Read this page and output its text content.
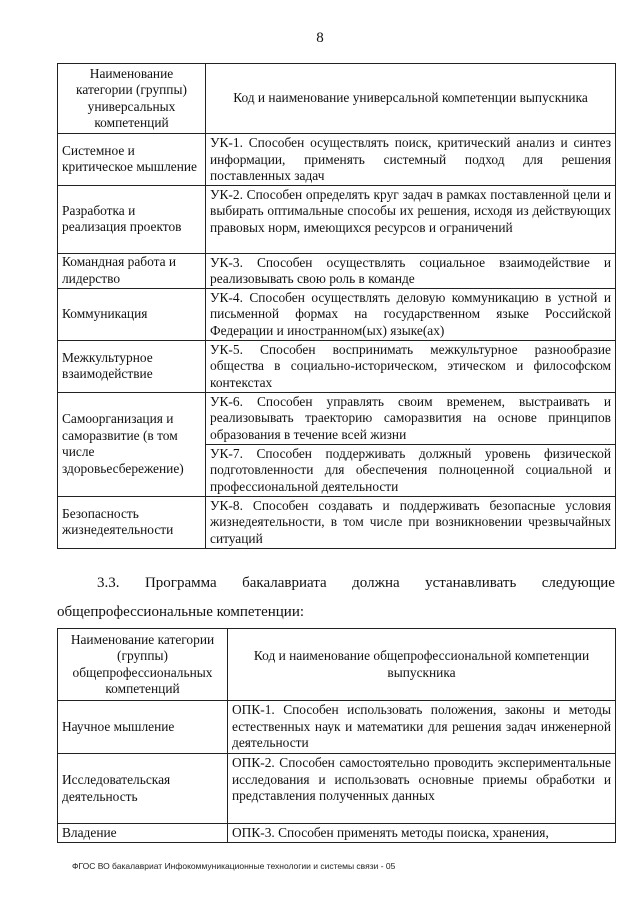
8
Наименование категории (группы) универсальных компетенций	Код и наименование универсальной компетенции выпускника
Системное и критическое мышление	УК-1. Способен осуществлять поиск, критический анализ и синтез информации, применять системный подход для решения поставленных задач
Разработка и реализация проектов	УК-2. Способен определять круг задач в рамках поставленной цели и выбирать оптимальные способы их решения, исходя из действующих правовых норм, имеющихся ресурсов и ограничений
Командная работа и лидерство	УК-3. Способен осуществлять социальное взаимодействие и реализовывать свою роль в команде
Коммуникация	УК-4. Способен осуществлять деловую коммуникацию в устной и письменной формах на государственном языке Российской Федерации и иностранном(ых) языке(ах)
Межкультурное взаимодействие	УК-5. Способен воспринимать межкультурное разнообразие общества в социально-историческом, этическом и философском контекстах
Самоорганизация и саморазвитие (в том числе здоровьесбережение)	УК-6. Способен управлять своим временем, выстраивать и реализовывать траекторию саморазвития на основе принципов образования в течение всей жизни
	УК-7. Способен поддерживать должный уровень физической подготовленности для обеспечения полноценной социальной и профессиональной деятельности
Безопасность жизнедеятельности	УК-8. Способен создавать и поддерживать безопасные условия жизнедеятельности, в том числе при возникновении чрезвычайных ситуаций
3.3. Программа бакалавриата должна устанавливать следующие
общепрофессиональные компетенции:
Наименование категории (группы) общепрофессиональных компетенций	Код и наименование общепрофессиональной компетенции выпускника
Научное мышление	ОПК-1. Способен использовать положения, законы и методы естественных наук и математики для решения задач инженерной деятельности
Исследовательская деятельность	ОПК-2. Способен самостоятельно проводить экспериментальные исследования и использовать основные приемы обработки и представления полученных данных
Владение	ОПК-3. Способен применять методы поиска, хранения,
ФГОС ВО бакалавриат Инфокоммуникационные технологии и системы связи - 05
